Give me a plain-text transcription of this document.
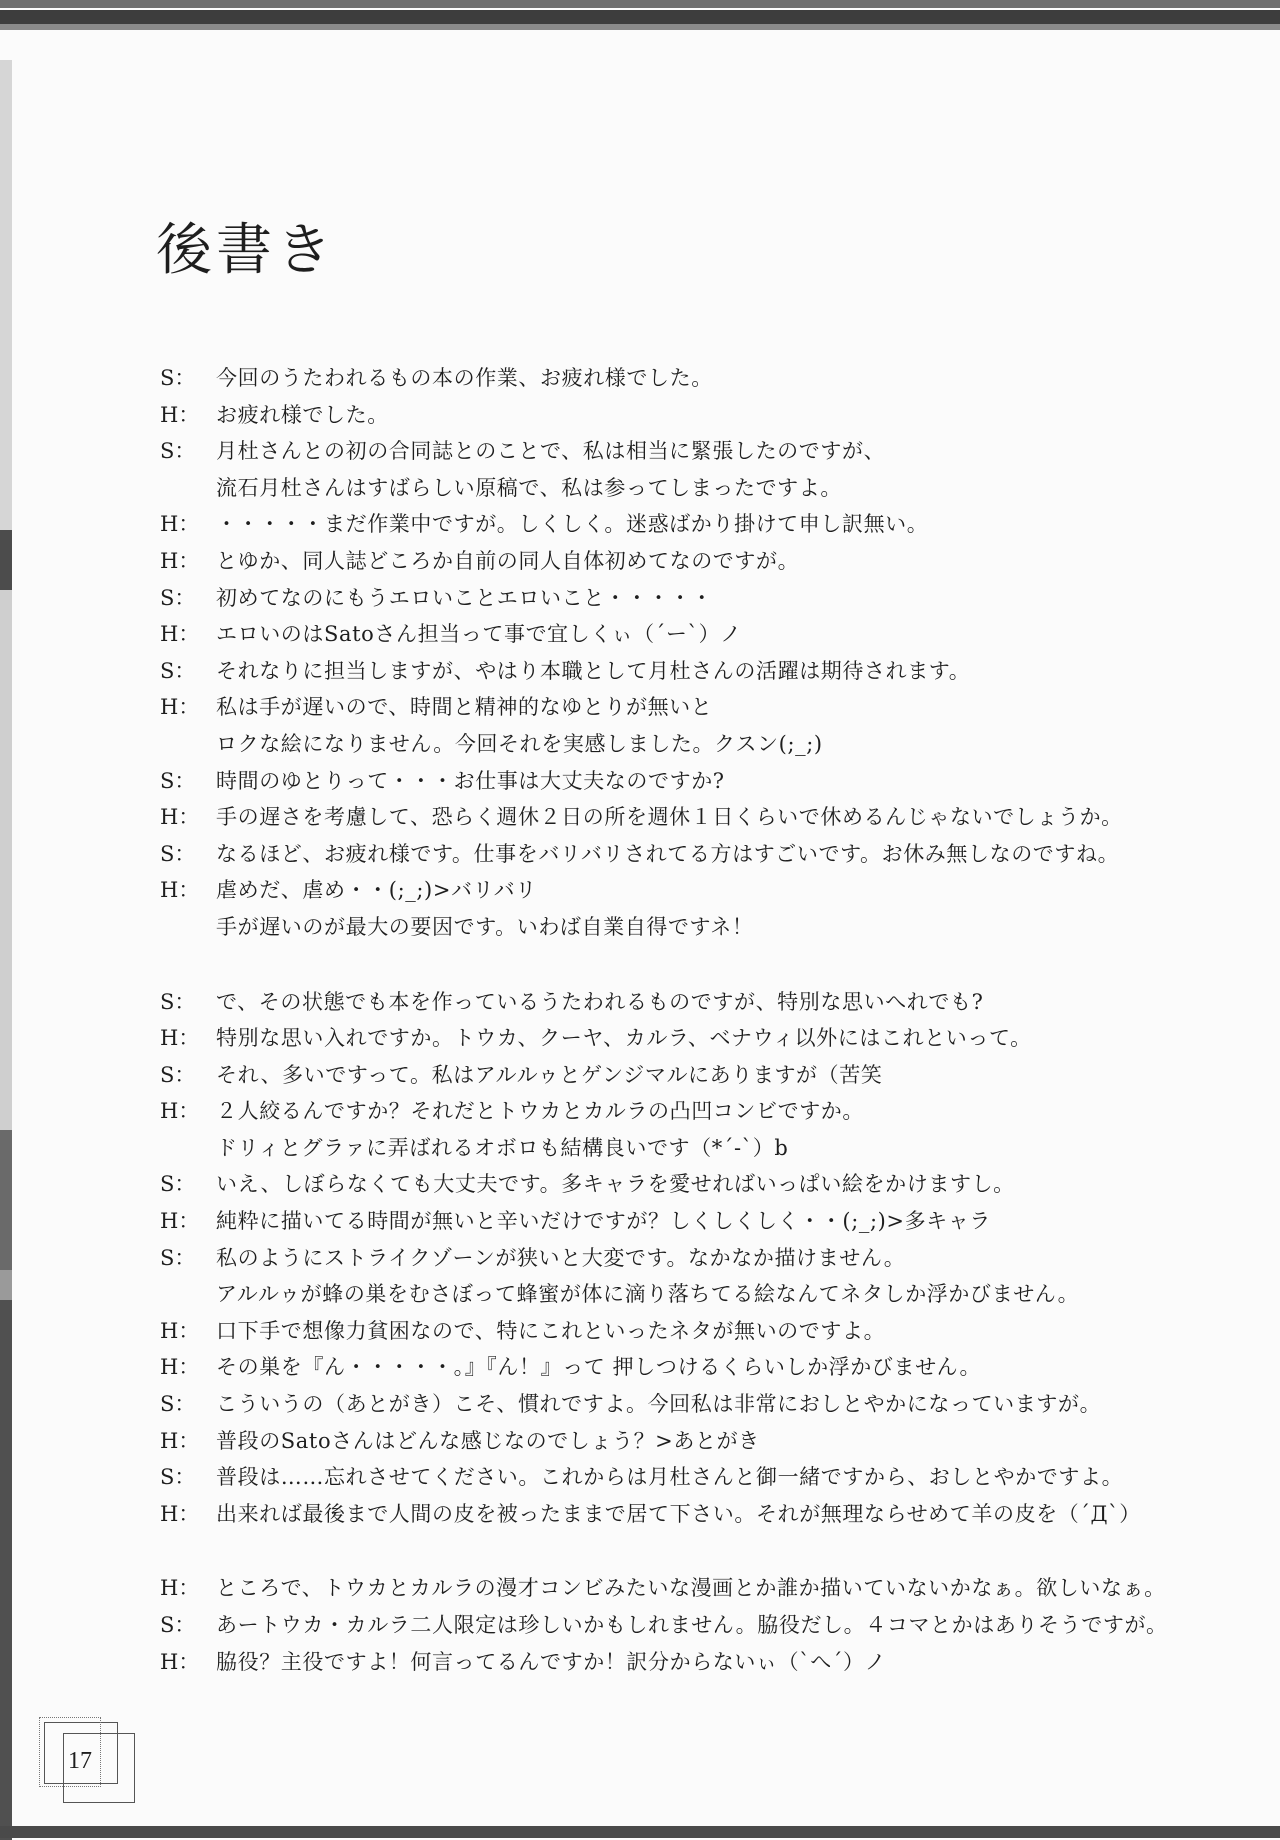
後書き
S： 今回のうたわれるもの本の作業、お疲れ様でした。
H： お疲れ様でした。
S： 月杜さんとの初の合同誌とのことで、私は相当に緊張したのですが、
流石月杜さんはすばらしい原稿で、私は参ってしまったですよ。
H： ・・・・・まだ作業中ですが。しくしく。迷惑ばかり掛けて申し訳無い。
H： とゆか、同人誌どころか自前の同人自体初めてなのですが。
S： 初めてなのにもうエロいことエロいこと・・・・・
H： エロいのはSatoさん担当って事で宜しくぃ（´ー`）ノ
S： それなりに担当しますが、やはり本職として月杜さんの活躍は期待されます。
H： 私は手が遅いので、時間と精神的なゆとりが無いと
ロクな絵になりません。今回それを実感しました。クスン(;_;)
S： 時間のゆとりって・・・お仕事は大丈夫なのですか?
H： 手の遅さを考慮して、恐らく週休２日の所を週休１日くらいで休めるんじゃないでしょうか。
S： なるほど、お疲れ様です。仕事をバリバリされてる方はすごいです。お休み無しなのですね。
H： 虐めだ、虐め・・(;_;)>バリバリ
手が遅いのが最大の要因です。いわば自業自得ですネ！
S： で、その状態でも本を作っているうたわれるものですが、特別な思いへれでも?
H： 特別な思い入れですか。トウカ、クーヤ、カルラ、ベナウィ以外にはこれといって。
S： それ、多いですって。私はアルルゥとゲンジマルにありますが（苦笑
H： ２人絞るんですか？それだとトウカとカルラの凸凹コンビですか。
ドリィとグラァに弄ばれるオボロも結構良いです（*´-`）b
S： いえ、しぼらなくても大丈夫です。多キャラを愛せればいっぱい絵をかけますし。
H： 純粋に描いてる時間が無いと辛いだけですが？しくしくしく・・(;_;)>多キャラ
S： 私のようにストライクゾーンが狭いと大変です。なかなか描けません。
アルルゥが蜂の巣をむさぼって蜂蜜が体に滴り落ちてる絵なんてネタしか浮かびません。
H： 口下手で想像力貧困なので、特にこれといったネタが無いのですよ。
H： その巣を『ん・・・・・。』『ん！』って 押しつけるくらいしか浮かびません。
S： こういうの（あとがき）こそ、慣れですよ。今回私は非常におしとやかになっていますが。
H： 普段のSatoさんはどんな感じなのでしょう？>あとがき
S： 普段は……忘れさせてください。これからは月杜さんと御一緒ですから、おしとやかですよ。
H： 出来れば最後まで人間の皮を被ったままで居て下さい。それが無理ならせめて羊の皮を（´Д`）
H： ところで、トウカとカルラの漫才コンビみたいな漫画とか誰か描いていないかなぁ。欲しいなぁ。
S： あートウカ・カルラ二人限定は珍しいかもしれません。脇役だし。４コマとかはありそうですが。
H： 脇役？主役ですよ！何言ってるんですか！訳分からないぃ（`へ´）ノ
17
